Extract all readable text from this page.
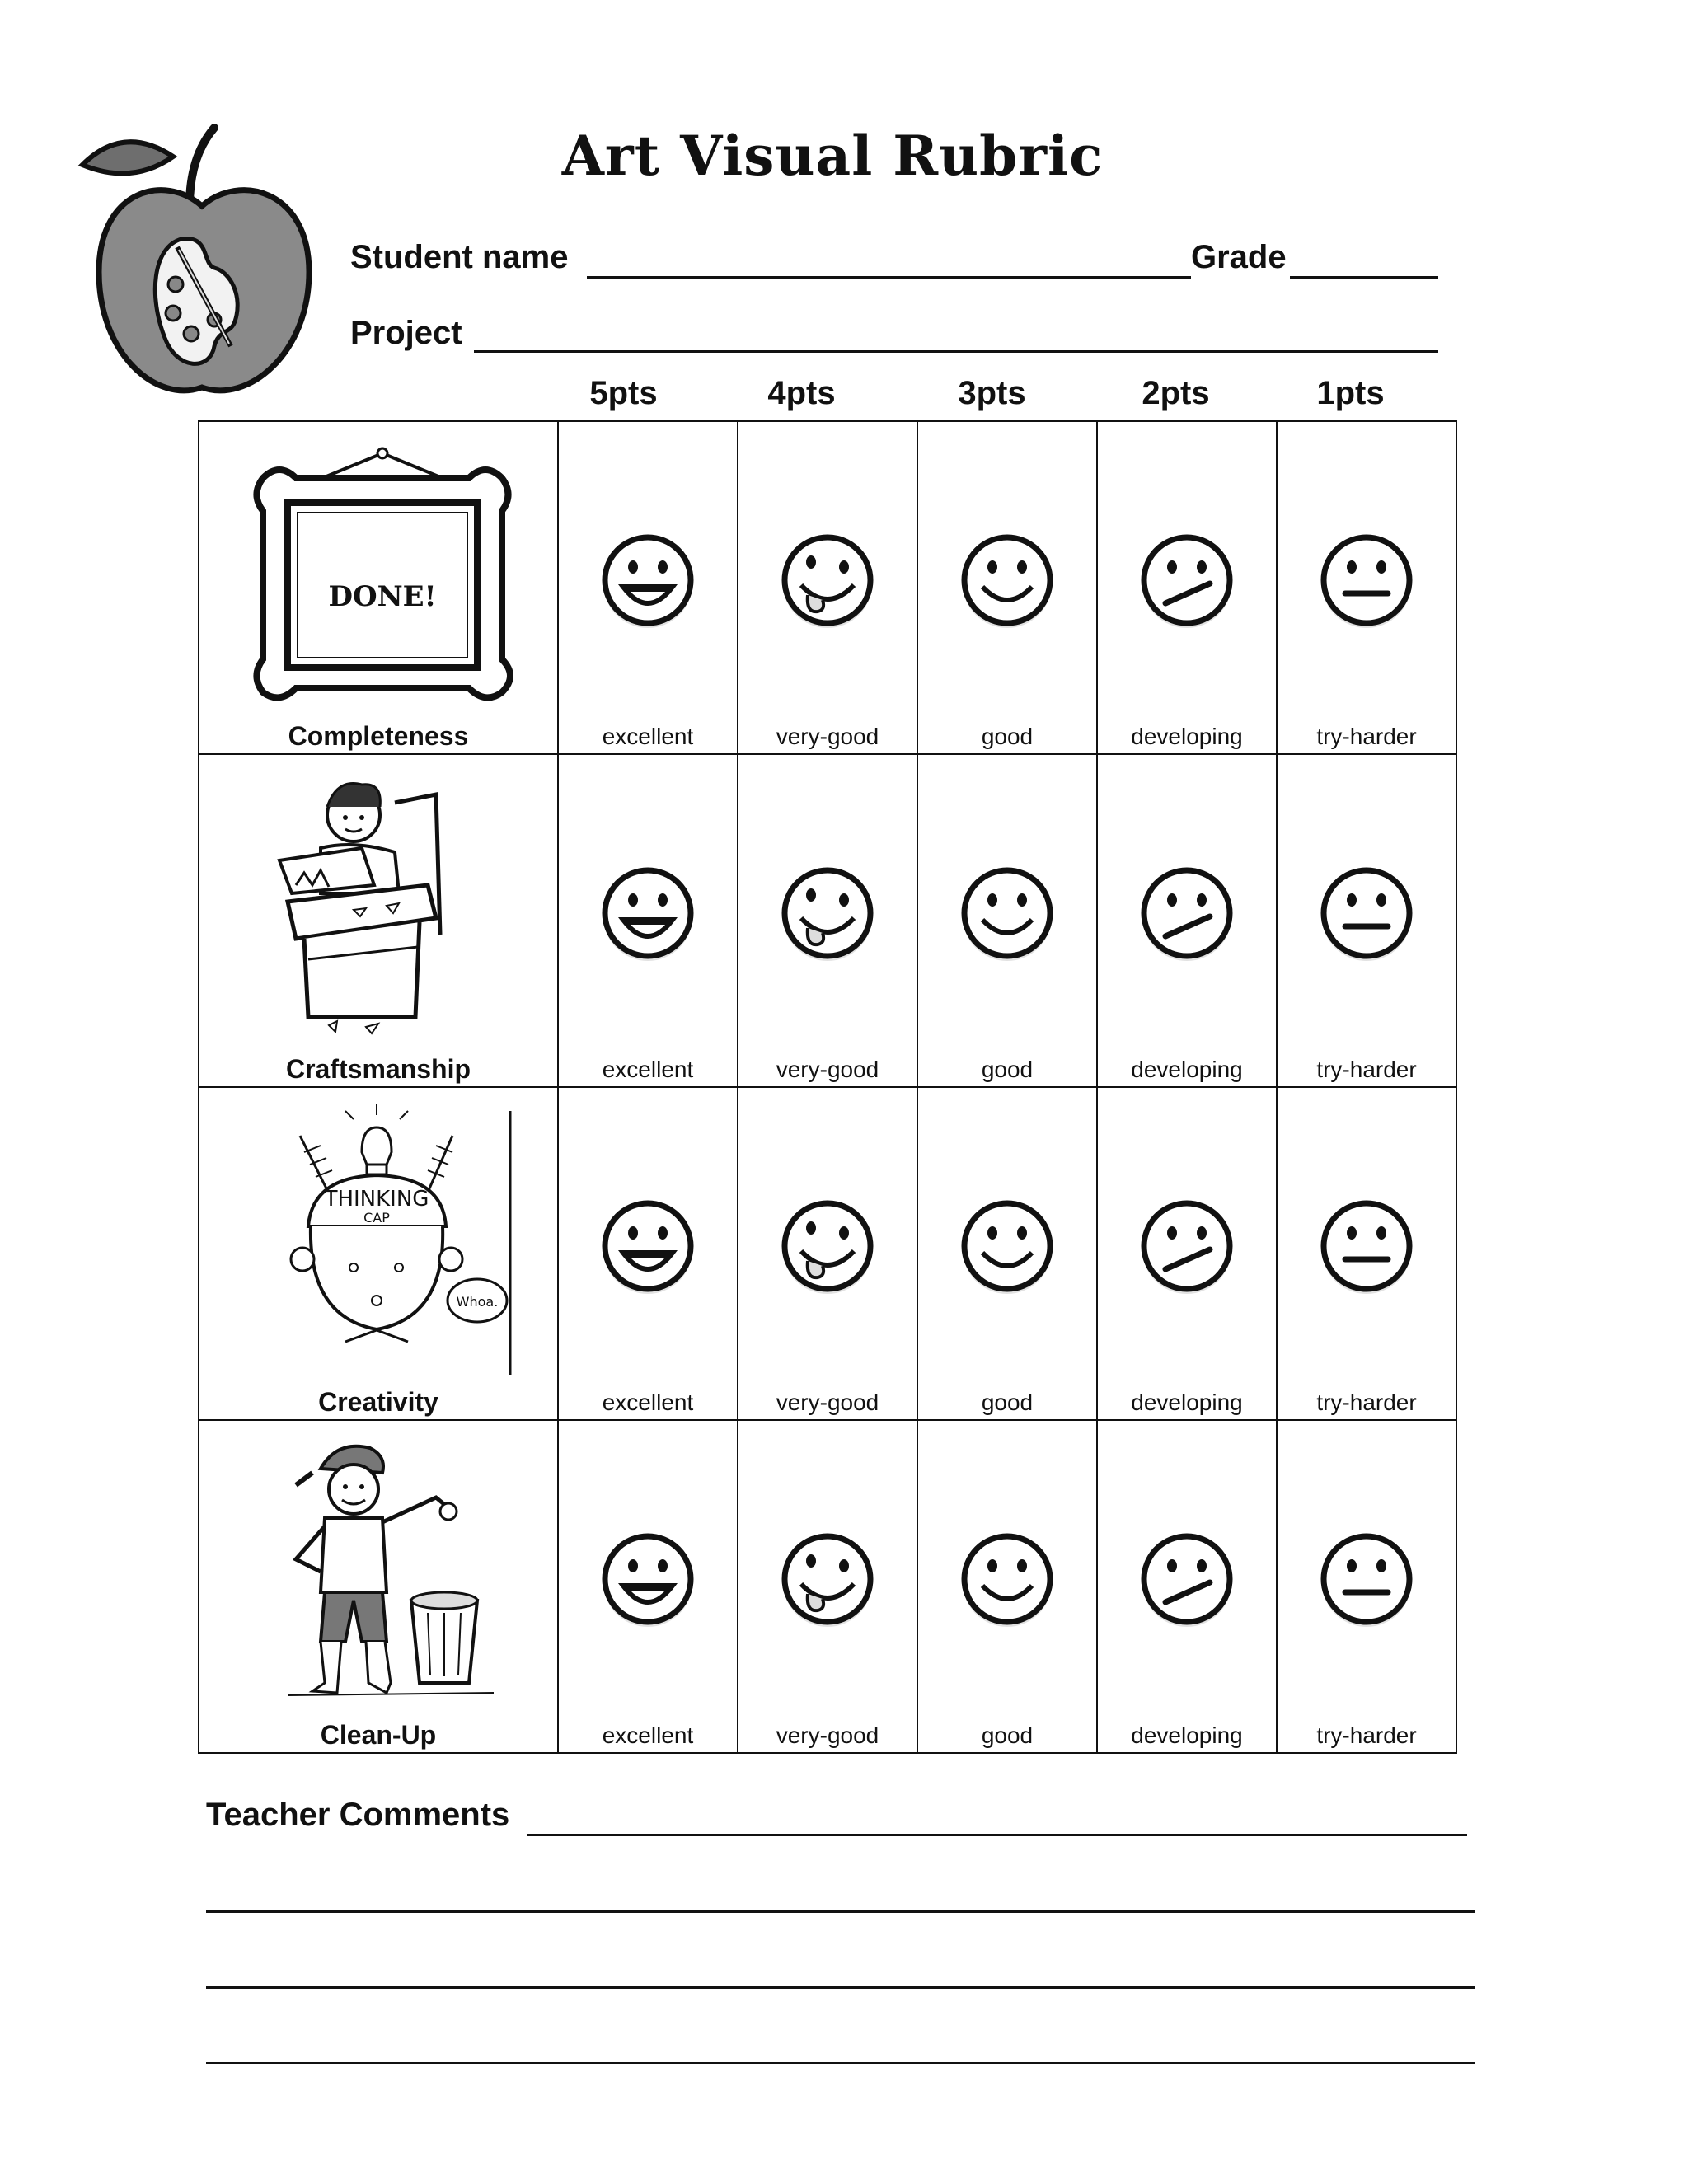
Art Visual Rubric
Student name	Grade
Project
5pts	4pts	3pts	2pts	1pts
DONE!
Completeness	excellent	very-good	good	developing	try-harder

Craftsmanship	excellent	very-good	good	developing	try-harder

THINKING
CAP
Whoa.
Creativity	excellent	very-good	good	developing	try-harder

Clean-Up	excellent	very-good	good	developing	try-harder
Teacher Comments
